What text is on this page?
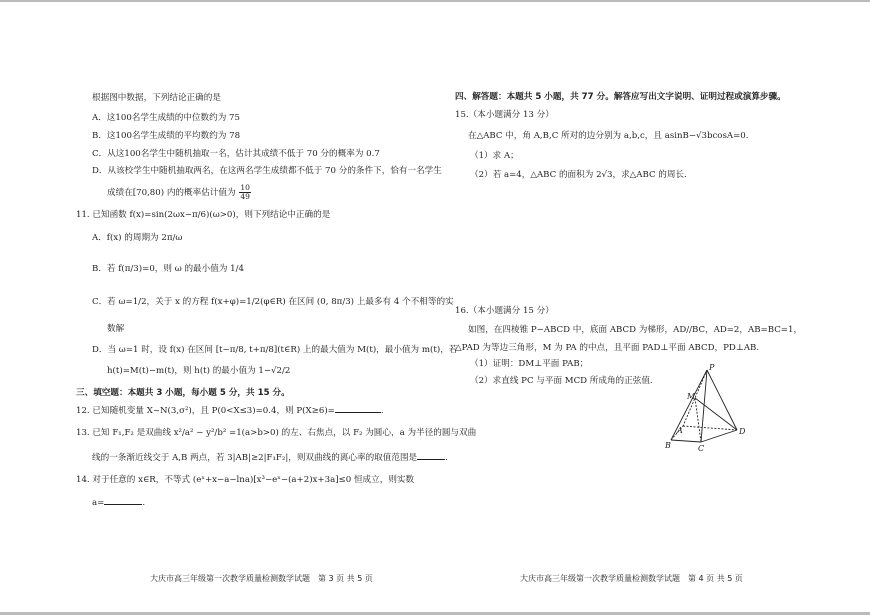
根据图中数据，下列结论正确的是
A．这100名学生成绩的中位数约为 75
B．这100名学生成绩的平均数约为 78
C．从这100名学生中随机抽取一名，估计其成绩不低于 70 分的概率为 0.7
D．从该校学生中随机抽取两名，在这两名学生成绩都不低于 70 分的条件下，恰有一名学生
成绩在[70,80) 内的概率估计值为 $\frac{10}{49}$
11. 已知函数 f(x)=sin(2ωx−π/6)(ω>0)，则下列结论中正确的是
A．f(x) 的周期为 2π/ω
B．若 f(π/3)=0，则 ω 的最小值为 1/4
C．若 ω=1/2，关于 x 的方程 f(x+φ)=1/2(φ∈R) 在区间 (0, 8π/3) 上最多有 4 个不相等的实
数解
D．当 ω=1 时，设 f(x) 在区间 [t−π/8, t+π/8](t∈R) 上的最大值为 M(t)，最小值为 m(t)，若
h(t)=M(t)−m(t)，则 h(t) 的最小值为 1−√2/2
三、填空题：本题共 3 小题，每小题 5 分，共 15 分。
12. 已知随机变量 X~N(3,σ²)，且 P(0<X≤3)=0.4，则 P(X≥6)=	.
13. 已知 F₁,F₂ 是双曲线 x²/a² − y²/b² =1(a>b>0) 的左、右焦点，以 F₂ 为圆心，a 为半径的圆与双曲
线的一条渐近线交于 A,B 两点，若 3|AB|≥2|F₁F₂|，则双曲线的离心率的取值范围是	.
14. 对于任意的 x∈R，不等式 (eˣ+x−a−lna)[x³−eˣ−(a+2)x+3a]≤0 恒成立，则实数
a=	.
大庆市高三年级第一次教学质量检测数学试题　第 3 页 共 5 页
四、解答题：本题共 5 小题，共 77 分。解答应写出文字说明、证明过程或演算步骤。
15.（本小题满分 13 分）
在△ABC 中，角 A,B,C 所对的边分别为 a,b,c，且 asinB−√3bcosA=0.
（1）求 A；
（2）若 a=4，△ABC 的面积为 2√3，求△ABC 的周长.
16.（本小题满分 15 分）
如图，在四棱锥 P−ABCD 中，底面 ABCD 为梯形，AD//BC，AD=2，AB=BC=1，
△PAD 为等边三角形，M 为 PA 的中点，且平面 PAD⊥平面 ABCD，PD⊥AB.
（1）证明：DM⊥平面 PAB；
（2）求直线 PC 与平面 MCD 所成角的正弦值.
大庆市高三年级第一次教学质量检测数学试题　第 4 页 共 5 页
P
M
A
B	C
D
